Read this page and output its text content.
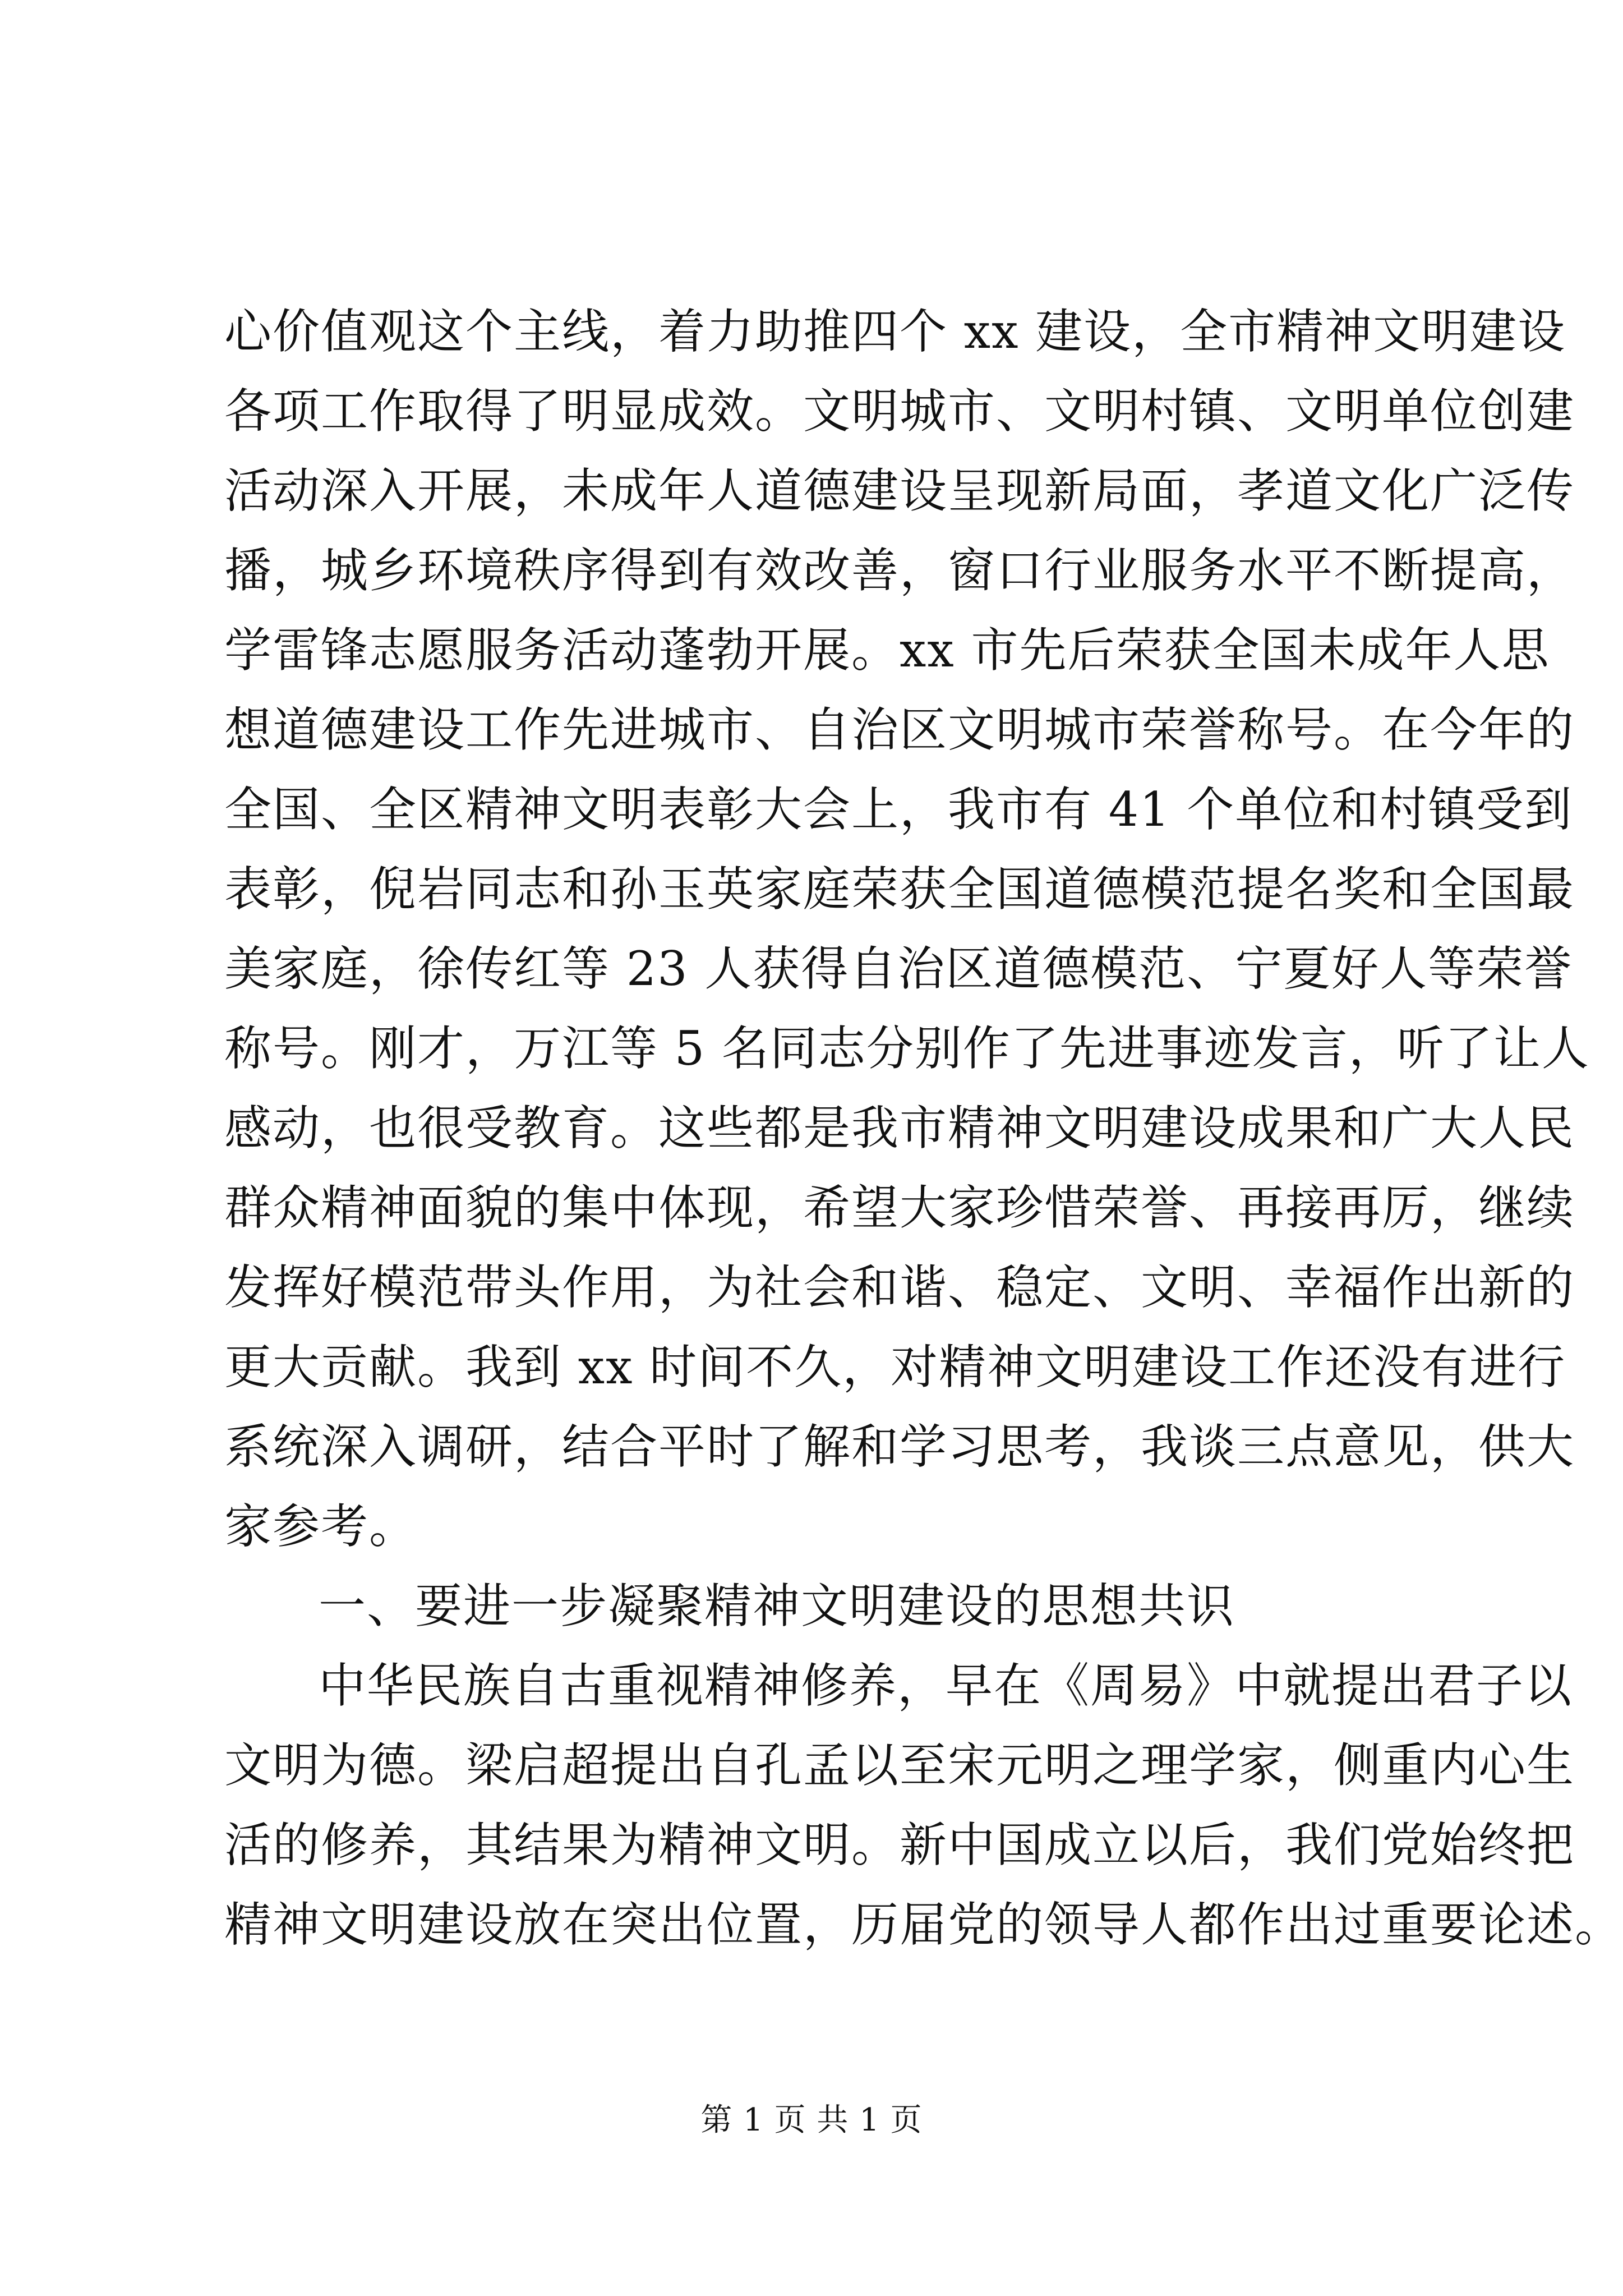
心价值观这个主线，着力助推四个 xx 建设，全市精神文明建设
各项工作取得了明显成效。文明城市、文明村镇、文明单位创建
活动深入开展，未成年人道德建设呈现新局面，孝道文化广泛传
播，城乡环境秩序得到有效改善，窗口行业服务水平不断提高，
学雷锋志愿服务活动蓬勃开展。xx 市先后荣获全国未成年人思
想道德建设工作先进城市、自治区文明城市荣誉称号。在今年的
全国、全区精神文明表彰大会上，我市有 41 个单位和村镇受到
表彰，倪岩同志和孙玉英家庭荣获全国道德模范提名奖和全国最
美家庭，徐传红等 23 人获得自治区道德模范、宁夏好人等荣誉
称号。刚才，万江等 5 名同志分别作了先进事迹发言，听了让人
感动，也很受教育。这些都是我市精神文明建设成果和广大人民
群众精神面貌的集中体现，希望大家珍惜荣誉、再接再厉，继续
发挥好模范带头作用，为社会和谐、稳定、文明、幸福作出新的
更大贡献。我到 xx 时间不久，对精神文明建设工作还没有进行
系统深入调研，结合平时了解和学习思考，我谈三点意见，供大
家参考。
一、要进一步凝聚精神文明建设的思想共识
中华民族自古重视精神修养，早在《周易》中就提出君子以
文明为德。梁启超提出自孔孟以至宋元明之理学家，侧重内心生
活的修养，其结果为精神文明。新中国成立以后，我们党始终把
精神文明建设放在突出位置，历届党的领导人都作出过重要论述。
第 1 页 共 1 页
